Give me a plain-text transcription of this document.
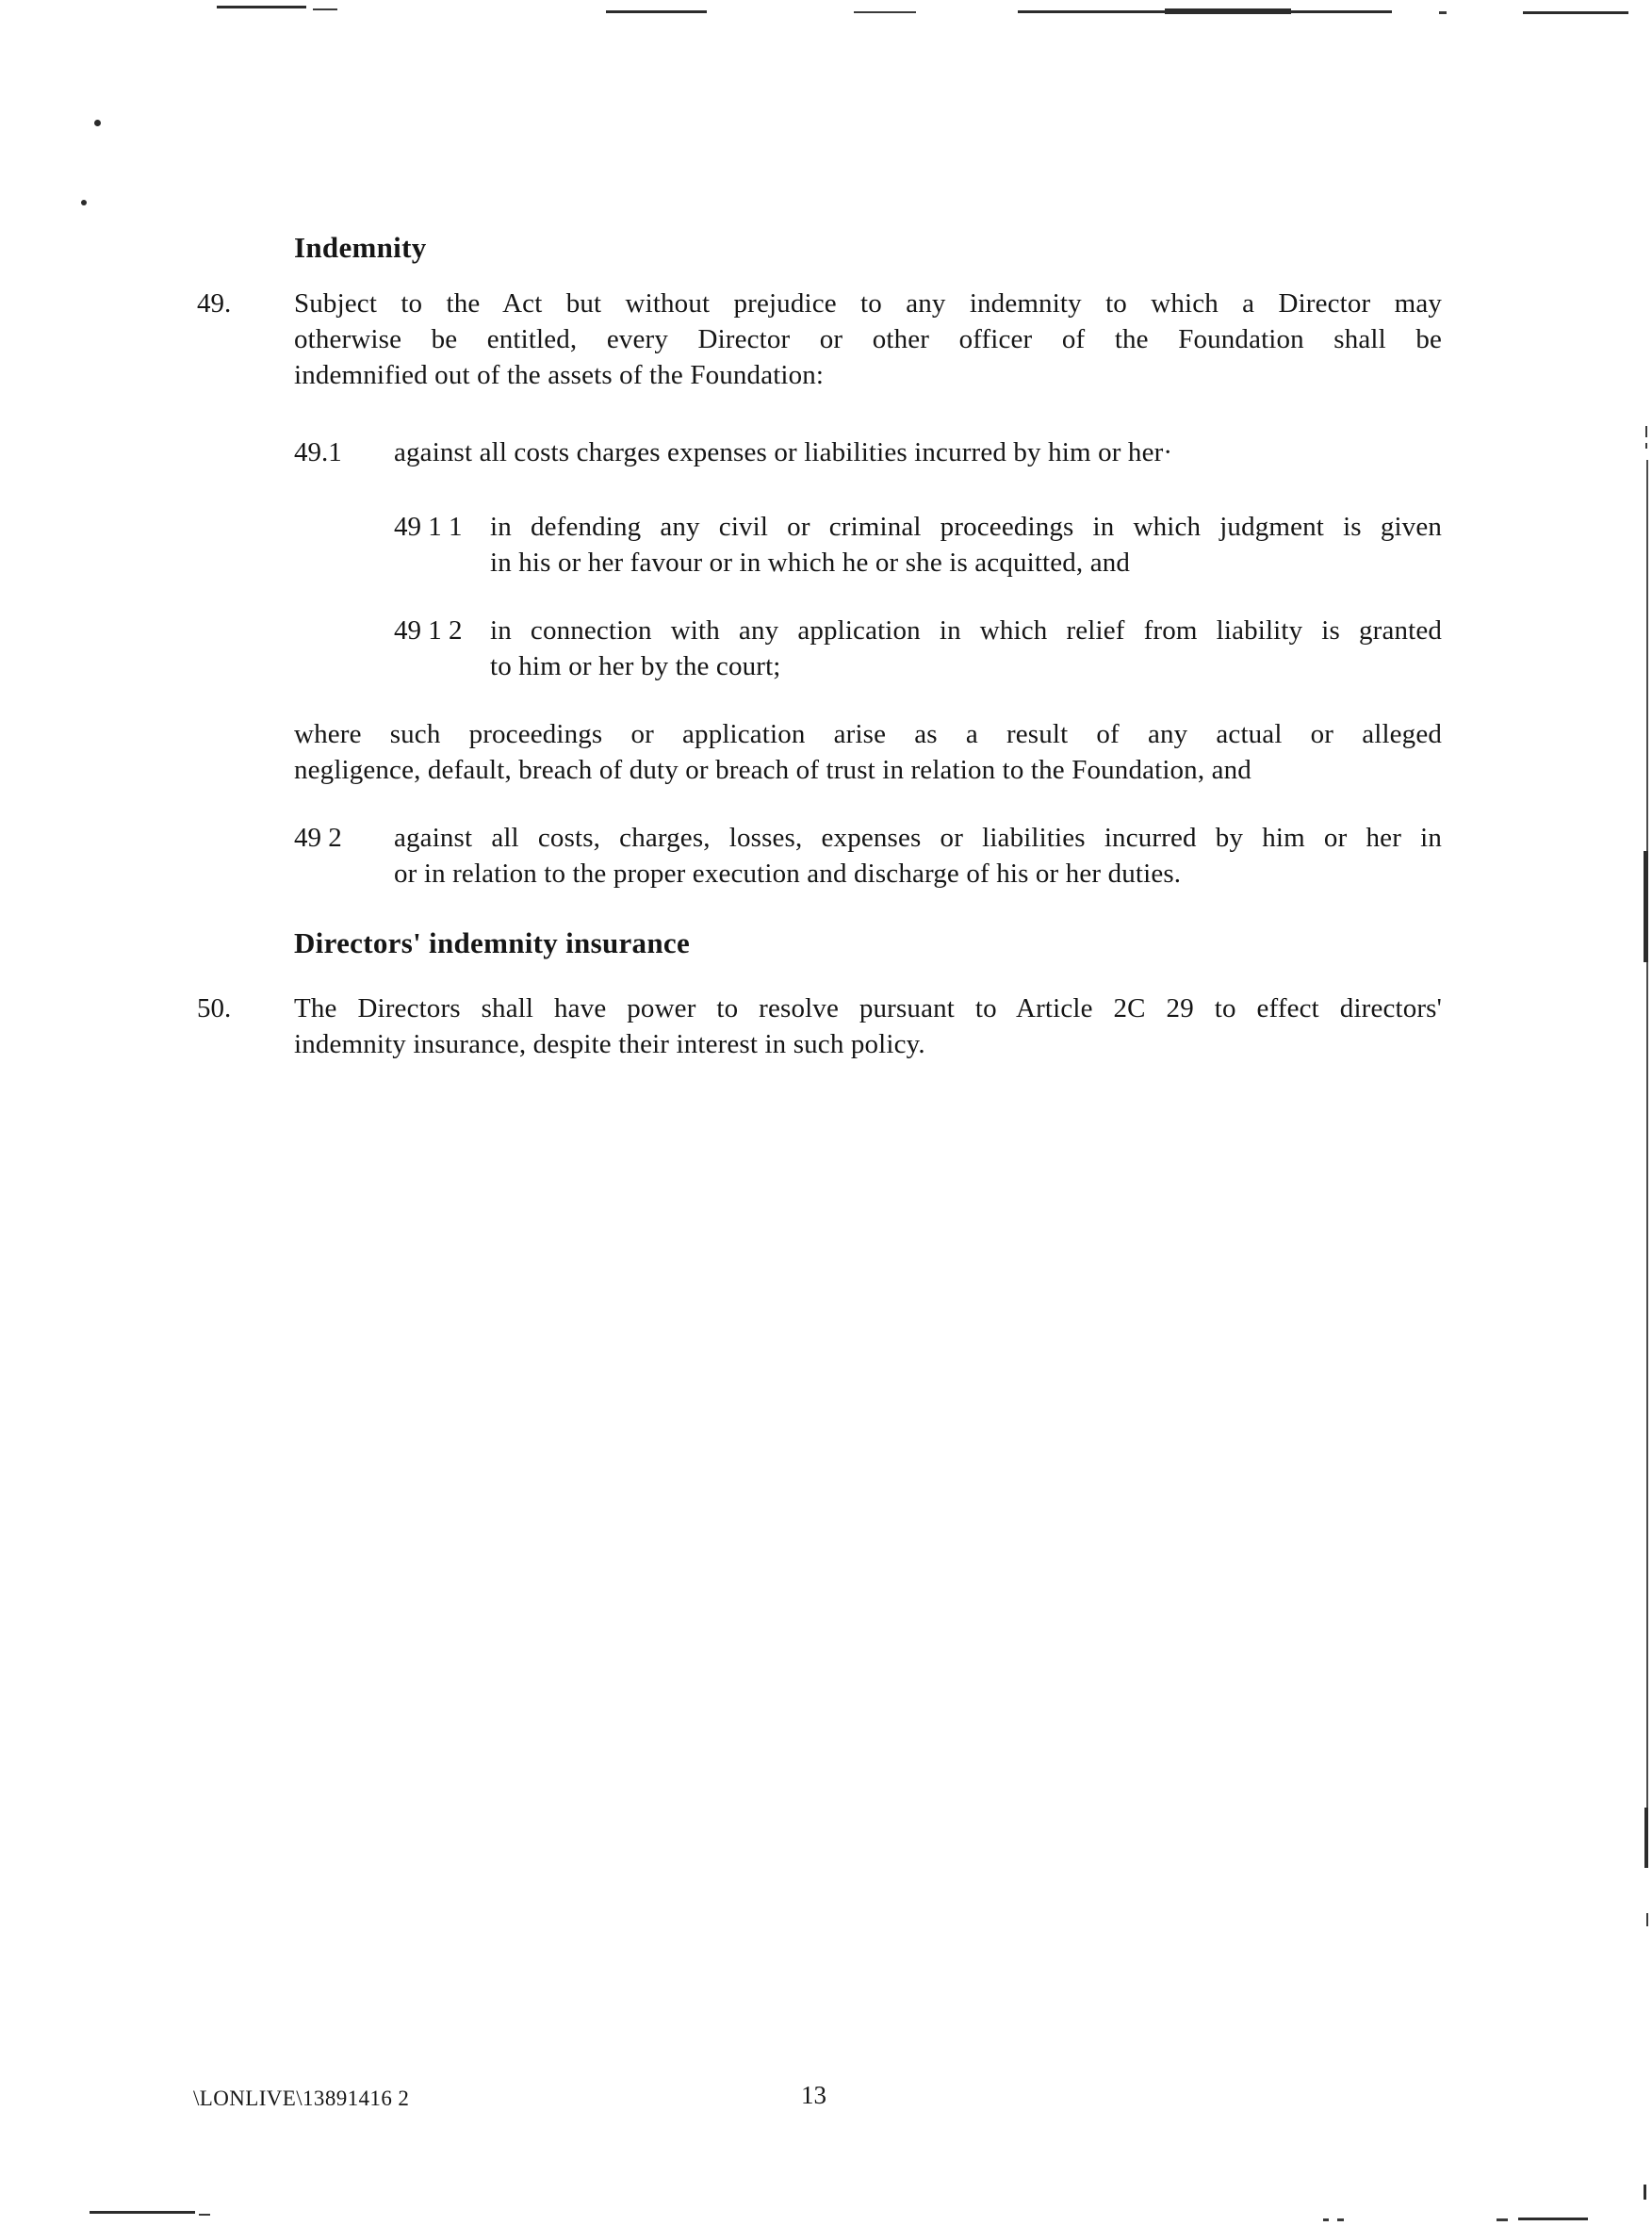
Indemnity
49. Subject to the Act but without prejudice to any indemnity to which a Director may
otherwise be entitled, every Director or other officer of the Foundation shall be
indemnified out of the assets of the Foundation:
49.1 against all costs charges expenses or liabilities incurred by him or her·
49 1 1 in defending any civil or criminal proceedings in which judgment is given
in his or her favour or in which he or she is acquitted, and
49 1 2 in connection with any application in which relief from liability is granted
to him or her by the court;
where such proceedings or application arise as a result of any actual or alleged
negligence, default, breach of duty or breach of trust in relation to the Foundation, and
49 2 against all costs, charges, losses, expenses or liabilities incurred by him or her in
or in relation to the proper execution and discharge of his or her duties.
Directors' indemnity insurance
50. The Directors shall have power to resolve pursuant to Article 2C 29 to effect directors'
indemnity insurance, despite their interest in such policy.
\LONLIVE\13891416 2	13
